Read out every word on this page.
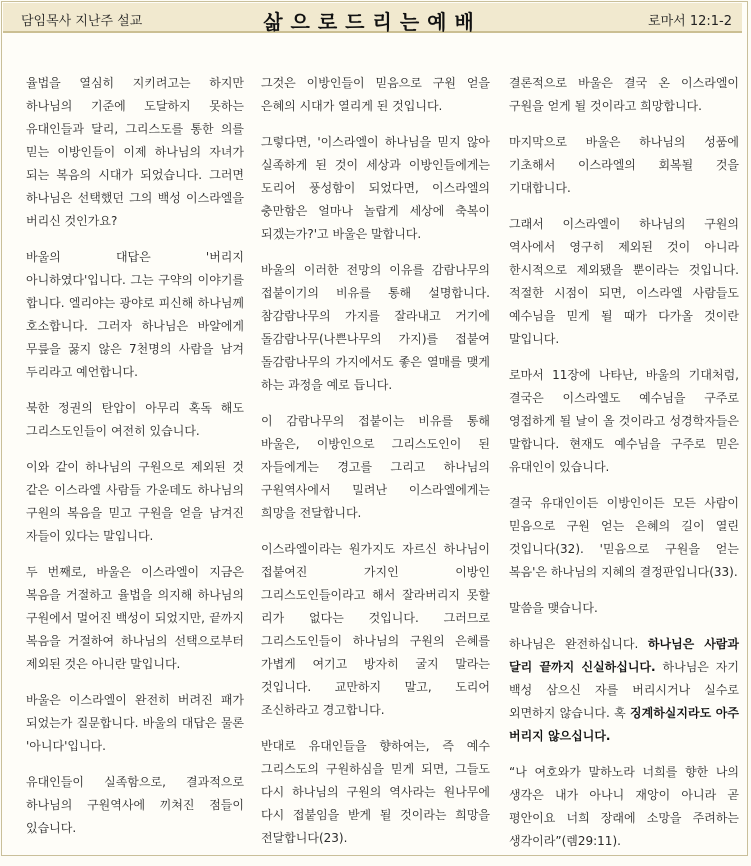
담임목사 지난주 설교	삶으로드리는예배	로마서 12:1-2

율법을 열심히 지키려고는 하지만 하나님의 기준에 도달하지 못하는 유대인들과 달리, 그리스도를 통한 의를 믿는 이방인들이 이제 하나님의 자녀가 되는 복음의 시대가 되었습니다. 그러면 하나님은 선택했던 그의 백성 이스라엘을 버리신 것인가요?

바울의 대답은 '버리지 아니하였다'입니다. 그는 구약의 이야기를 합니다. 엘리야는 광야로 피신해 하나님께 호소합니다. 그러자 하나님은 바알에게 무릎을 꿇지 않은 7천명의 사람을 남겨 두리라고 예언합니다.

북한 정권의 탄압이 아무리 혹독 해도 그리스도인들이 여전히 있습니다.

이와 같이 하나님의 구원으로 제외된 것 같은 이스라엘 사람들 가운데도 하나님의 구원의 복음을 믿고 구원을 얻을 남겨진 자들이 있다는 말입니다.

두 번째로, 바울은 이스라엘이 지금은 복음을 거절하고 율법을 의지해 하나님의 구원에서 멀어진 백성이 되었지만, 끝까지 복음을 거절하여 하나님의 선택으로부터 제외된 것은 아니란 말입니다.

바울은 이스라엘이 완전히 버려진 패가 되었는가 질문합니다. 바울의 대답은 물론 '아니다'입니다.

유대인들이 실족함으로, 결과적으로 하나님의 구원역사에 끼쳐진 점들이 있습니다.

그것은 이방인들이 믿음으로 구원 얻을 은혜의 시대가 열리게 된 것입니다.

그렇다면, '이스라엘이 하나님을 믿지 않아 실족하게 된 것이 세상과 이방인들에게는 도리어 풍성함이 되었다면, 이스라엘의 충만함은 얼마나 놀랍게 세상에 축복이 되겠는가?'고 바울은 말합니다.

바울의 이러한 전망의 이유를 감람나무의 접붙이기의 비유를 통해 설명합니다. 참감람나무의 가지를 잘라내고 거기에 돌감람나무(나쁜나무의 가지)를 접붙여 돌감람나무의 가지에서도 좋은 열매를 맺게 하는 과정을 예로 듭니다.

이 감람나무의 접붙이는 비유를 통해 바울은, 이방인으로 그리스도인이 된 자들에게는 경고를 그리고 하나님의 구원역사에서 밀려난 이스라엘에게는 희망을 전달합니다.

이스라엘이라는 원가지도 자르신 하나님이 접붙여진 가지인 이방인 그리스도인들이라고 해서 잘라버리지 못할 리가 없다는 것입니다. 그러므로 그리스도인들이 하나님의 구원의 은혜를 가볍게 여기고 방자히 굴지 말라는 것입니다. 교만하지 말고, 도리어 조신하라고 경고합니다.

반대로 유대인들을 향하여는, 즉 예수 그리스도의 구원하심을 믿게 되면, 그들도 다시 하나님의 구원의 역사라는 원나무에 다시 접붙임을 받게 될 것이라는 희망을 전달합니다(23).

결론적으로 바울은 결국 온 이스라엘이 구원을 얻게 될 것이라고 희망합니다.

마지막으로 바울은 하나님의 성품에 기초해서 이스라엘의 회복될 것을 기대합니다.

그래서 이스라엘이 하나님의 구원의 역사에서 영구히 제외된 것이 아니라 한시적으로 제외됐을 뿐이라는 것입니다. 적절한 시점이 되면, 이스라엘 사람들도 예수님을 믿게 될 때가 다가올 것이란 말입니다.

로마서 11장에 나타난, 바울의 기대처럼, 결국은 이스라엘도 예수님을 구주로 영접하게 될 날이 올 것이라고 성경학자들은 말합니다. 현재도 예수님을 구주로 믿은 유대인이 있습니다.

결국 유대인이든 이방인이든 모든 사람이 믿음으로 구원 얻는 은혜의 길이 열린 것입니다(32). '믿음으로 구원을 얻는 복음'은 하나님의 지혜의 결정판입니다(33).

말씀을 맺습니다.

하나님은 완전하십니다. 하나님은 사람과 달리 끝까지 신실하십니다. 하나님은 자기 백성 삼으신 자를 버리시거나 실수로 외면하지 않습니다. 혹 징계하실지라도 아주 버리지 않으십니다.

“나 여호와가 말하노라 너희를 향한 나의 생각은 내가 아나니 재앙이 아니라 곧 평안이요 너희 장래에 소망을 주려하는 생각이라”(렘29:11).
